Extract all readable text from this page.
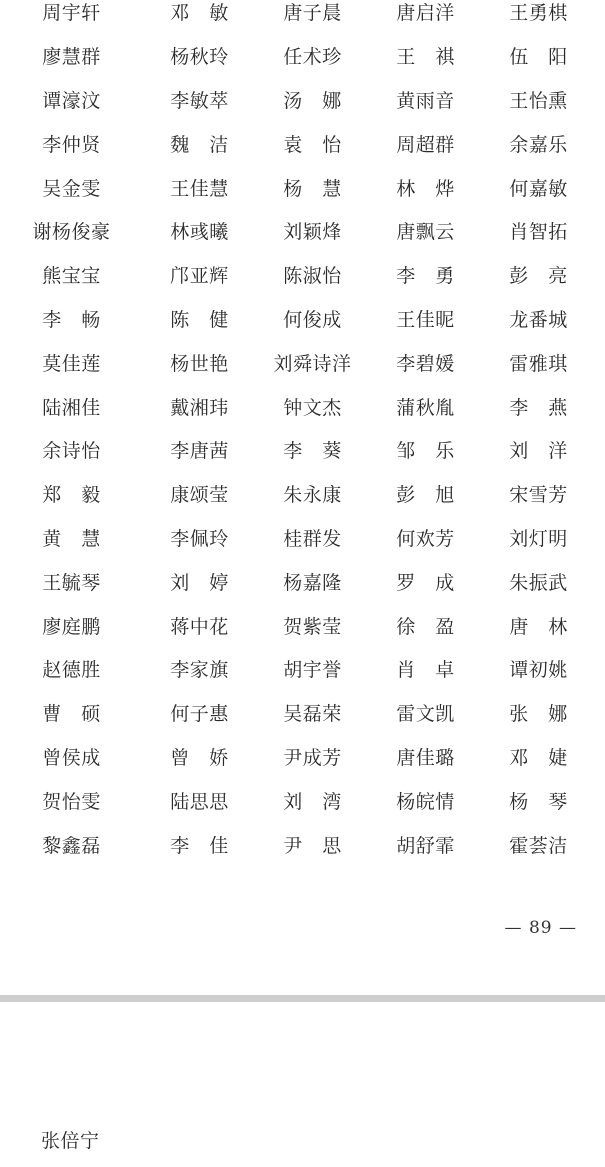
周宇轩	邓　敏	唐子晨	唐启洋	王勇棋
廖慧群	杨秋玲	任术珍	王　祺	伍　阳
谭濠汶	李敏萃	汤　娜	黄雨音	王怡熏
李仲贤	魏　洁	袁　怡	周超群	余嘉乐
吴金雯	王佳慧	杨　慧	林　烨	何嘉敏
谢杨俊豪	林彧曦	刘颖烽	唐飘云	肖智拓
熊宝宝	邝亚辉	陈淑怡	李　勇	彭　亮
李　畅	陈　健	何俊成	王佳昵	龙番城
莫佳莲	杨世艳	刘舜诗洋	李碧媛	雷雅琪
陆湘佳	戴湘玮	钟文杰	蒲秋胤	李　燕
余诗怡	李唐茜	李　葵	邹　乐	刘　洋
郑　毅	康颂莹	朱永康	彭　旭	宋雪芳
黄　慧	李佩玲	桂群发	何欢芳	刘灯明
王毓琴	刘　婷	杨嘉隆	罗　成	朱振武
廖庭鹏	蒋中花	贺紫莹	徐　盈	唐　林
赵德胜	李家旗	胡宇誉	肖　卓	谭初姚
曹　硕	何子惠	吴磊荣	雷文凯	张　娜
曾侯成	曾　娇	尹成芳	唐佳璐	邓　婕
贺怡雯	陆思思	刘　湾	杨皖情	杨　琴
黎鑫磊	李　佳	尹　思	胡舒霏	霍荟洁
— 89 —
张倍宁
